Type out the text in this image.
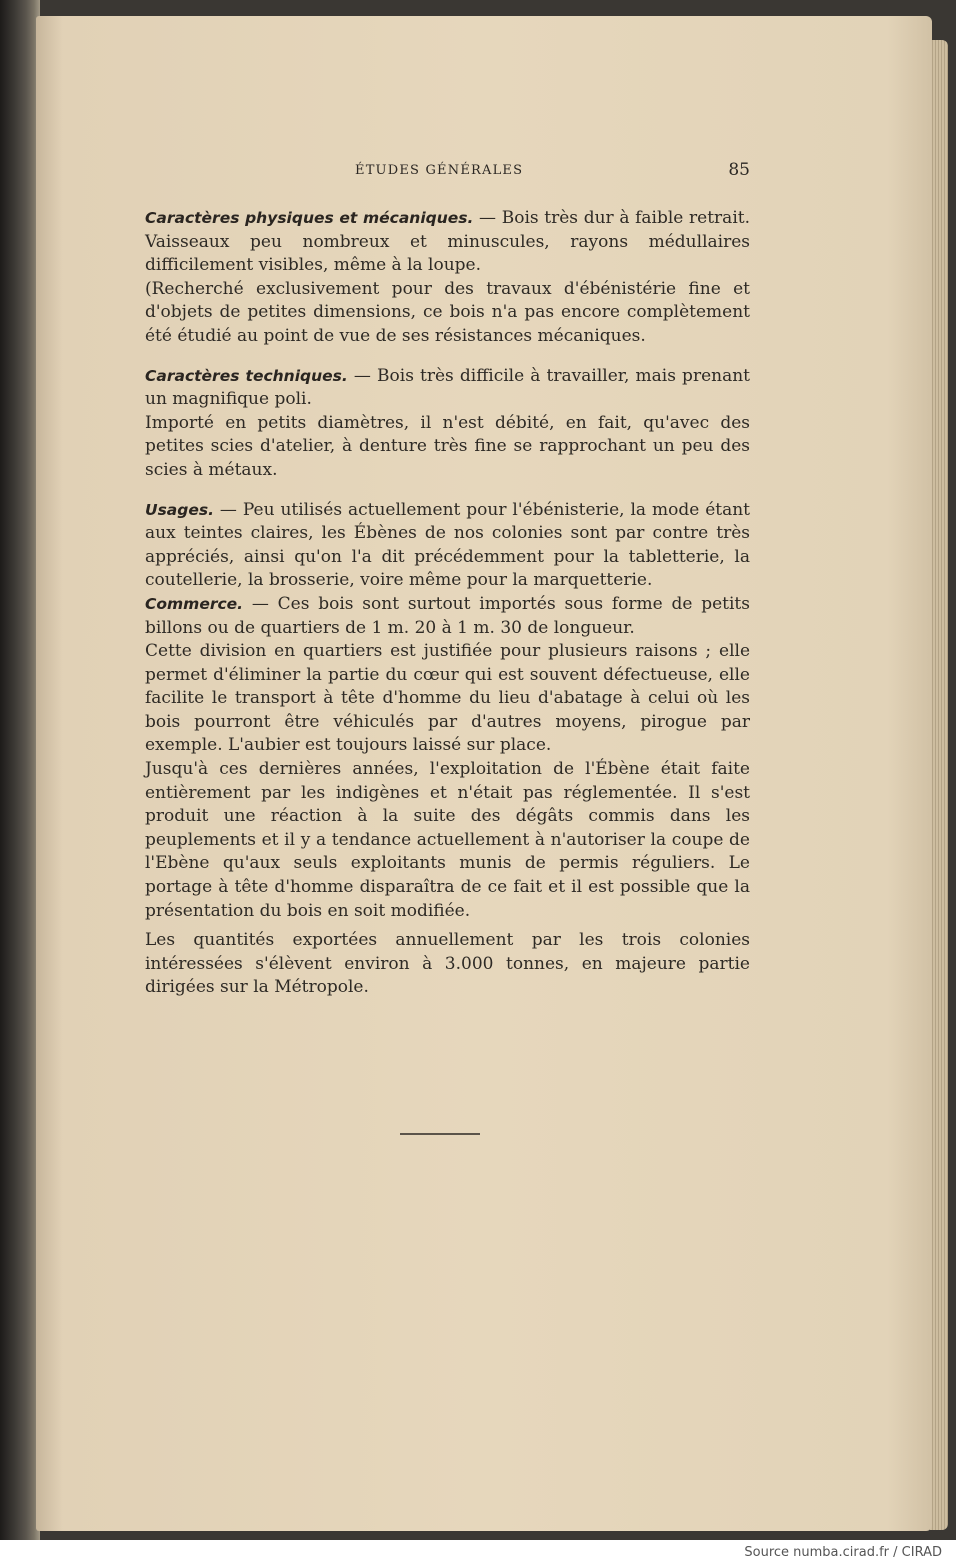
ÉTUDES GÉNÉRALES	85

Caractères physiques et mécaniques. — Bois très dur à faible retrait. Vaisseaux peu nombreux et minuscules, rayons médullaires difficilement visibles, même à la loupe.

(Recherché exclusivement pour des travaux d'ébénistérie fine et d'objets de petites dimensions, ce bois n'a pas encore complètement été étudié au point de vue de ses résistances mécaniques.

Caractères techniques. — Bois très difficile à travailler, mais prenant un magnifique poli.

Importé en petits diamètres, il n'est débité, en fait, qu'avec des petites scies d'atelier, à denture très fine se rapprochant un peu des scies à métaux.

Usages. — Peu utilisés actuellement pour l'ébénisterie, la mode étant aux teintes claires, les Ébènes de nos colonies sont par contre très appréciés, ainsi qu'on l'a dit précédemment pour la tabletterie, la coutellerie, la brosserie, voire même pour la marquetterie.

Commerce. — Ces bois sont surtout importés sous forme de petits billons ou de quartiers de 1 m. 20 à 1 m. 30 de longueur.

Cette division en quartiers est justifiée pour plusieurs raisons ; elle permet d'éliminer la partie du cœur qui est souvent défectueuse, elle facilite le transport à tête d'homme du lieu d'abatage à celui où les bois pourront être véhiculés par d'autres moyens, pirogue par exemple. L'aubier est toujours laissé sur place.

Jusqu'à ces dernières années, l'exploitation de l'Ébène était faite entièrement par les indigènes et n'était pas réglementée. Il s'est produit une réaction à la suite des dégâts commis dans les peuplements et il y a tendance actuellement à n'autoriser la coupe de l'Ebène qu'aux seuls exploitants munis de permis réguliers. Le portage à tête d'homme disparaîtra de ce fait et il est possible que la présentation du bois en soit modifiée.

Les quantités exportées annuellement par les trois colonies intéressées s'élèvent environ à 3.000 tonnes, en majeure partie dirigées sur la Métropole.

Source numba.cirad.fr / CIRAD
